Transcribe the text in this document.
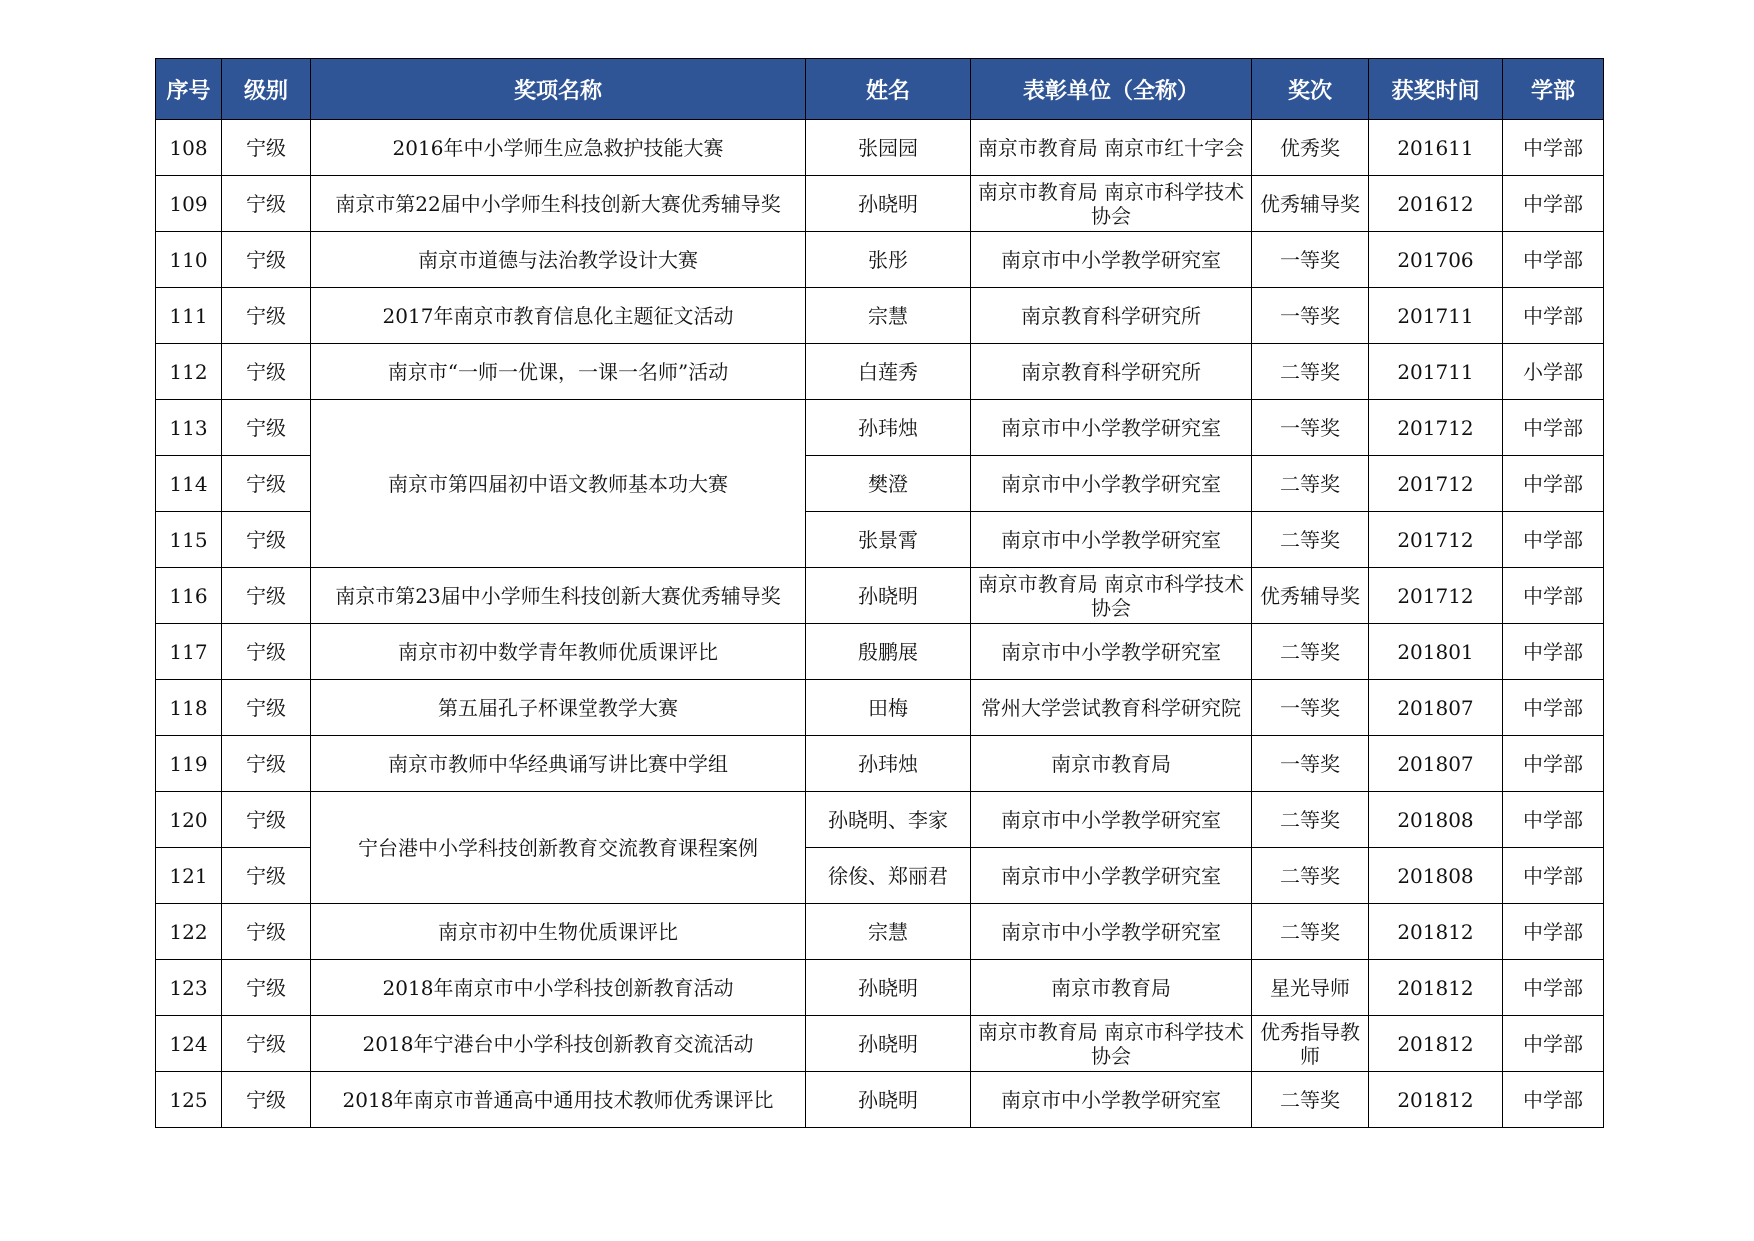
序号	级别	奖项名称	姓名	表彰单位（全称）	奖次	获奖时间	学部
108	宁级	2016年中小学师生应急救护技能大赛	张园园	南京市教育局 南京市红十字会	优秀奖	201611	中学部
109	宁级	南京市第22届中小学师生科技创新大赛优秀辅导奖	孙晓明	南京市教育局 南京市科学技术协会	优秀辅导奖	201612	中学部
110	宁级	南京市道德与法治教学设计大赛	张彤	南京市中小学教学研究室	一等奖	201706	中学部
111	宁级	2017年南京市教育信息化主题征文活动	宗慧	南京教育科学研究所	一等奖	201711	中学部
112	宁级	南京市“一师一优课，一课一名师”活动	白莲秀	南京教育科学研究所	二等奖	201711	小学部
113	宁级	南京市第四届初中语文教师基本功大赛	孙玮烛	南京市中小学教学研究室	一等奖	201712	中学部
114	宁级		樊澄	南京市中小学教学研究室	二等奖	201712	中学部
115	宁级		张景霄	南京市中小学教学研究室	二等奖	201712	中学部
116	宁级	南京市第23届中小学师生科技创新大赛优秀辅导奖	孙晓明	南京市教育局 南京市科学技术协会	优秀辅导奖	201712	中学部
117	宁级	南京市初中数学青年教师优质课评比	殷鹏展	南京市中小学教学研究室	二等奖	201801	中学部
118	宁级	第五届孔子杯课堂教学大赛	田梅	常州大学尝试教育科学研究院	一等奖	201807	中学部
119	宁级	南京市教师中华经典诵写讲比赛中学组	孙玮烛	南京市教育局	一等奖	201807	中学部
120	宁级	宁台港中小学科技创新教育交流教育课程案例	孙晓明、李家	南京市中小学教学研究室	二等奖	201808	中学部
121	宁级		徐俊、郑丽君	南京市中小学教学研究室	二等奖	201808	中学部
122	宁级	南京市初中生物优质课评比	宗慧	南京市中小学教学研究室	二等奖	201812	中学部
123	宁级	2018年南京市中小学科技创新教育活动	孙晓明	南京市教育局	星光导师	201812	中学部
124	宁级	2018年宁港台中小学科技创新教育交流活动	孙晓明	南京市教育局 南京市科学技术协会	优秀指导教师	201812	中学部
125	宁级	2018年南京市普通高中通用技术教师优秀课评比	孙晓明	南京市中小学教学研究室	二等奖	201812	中学部
